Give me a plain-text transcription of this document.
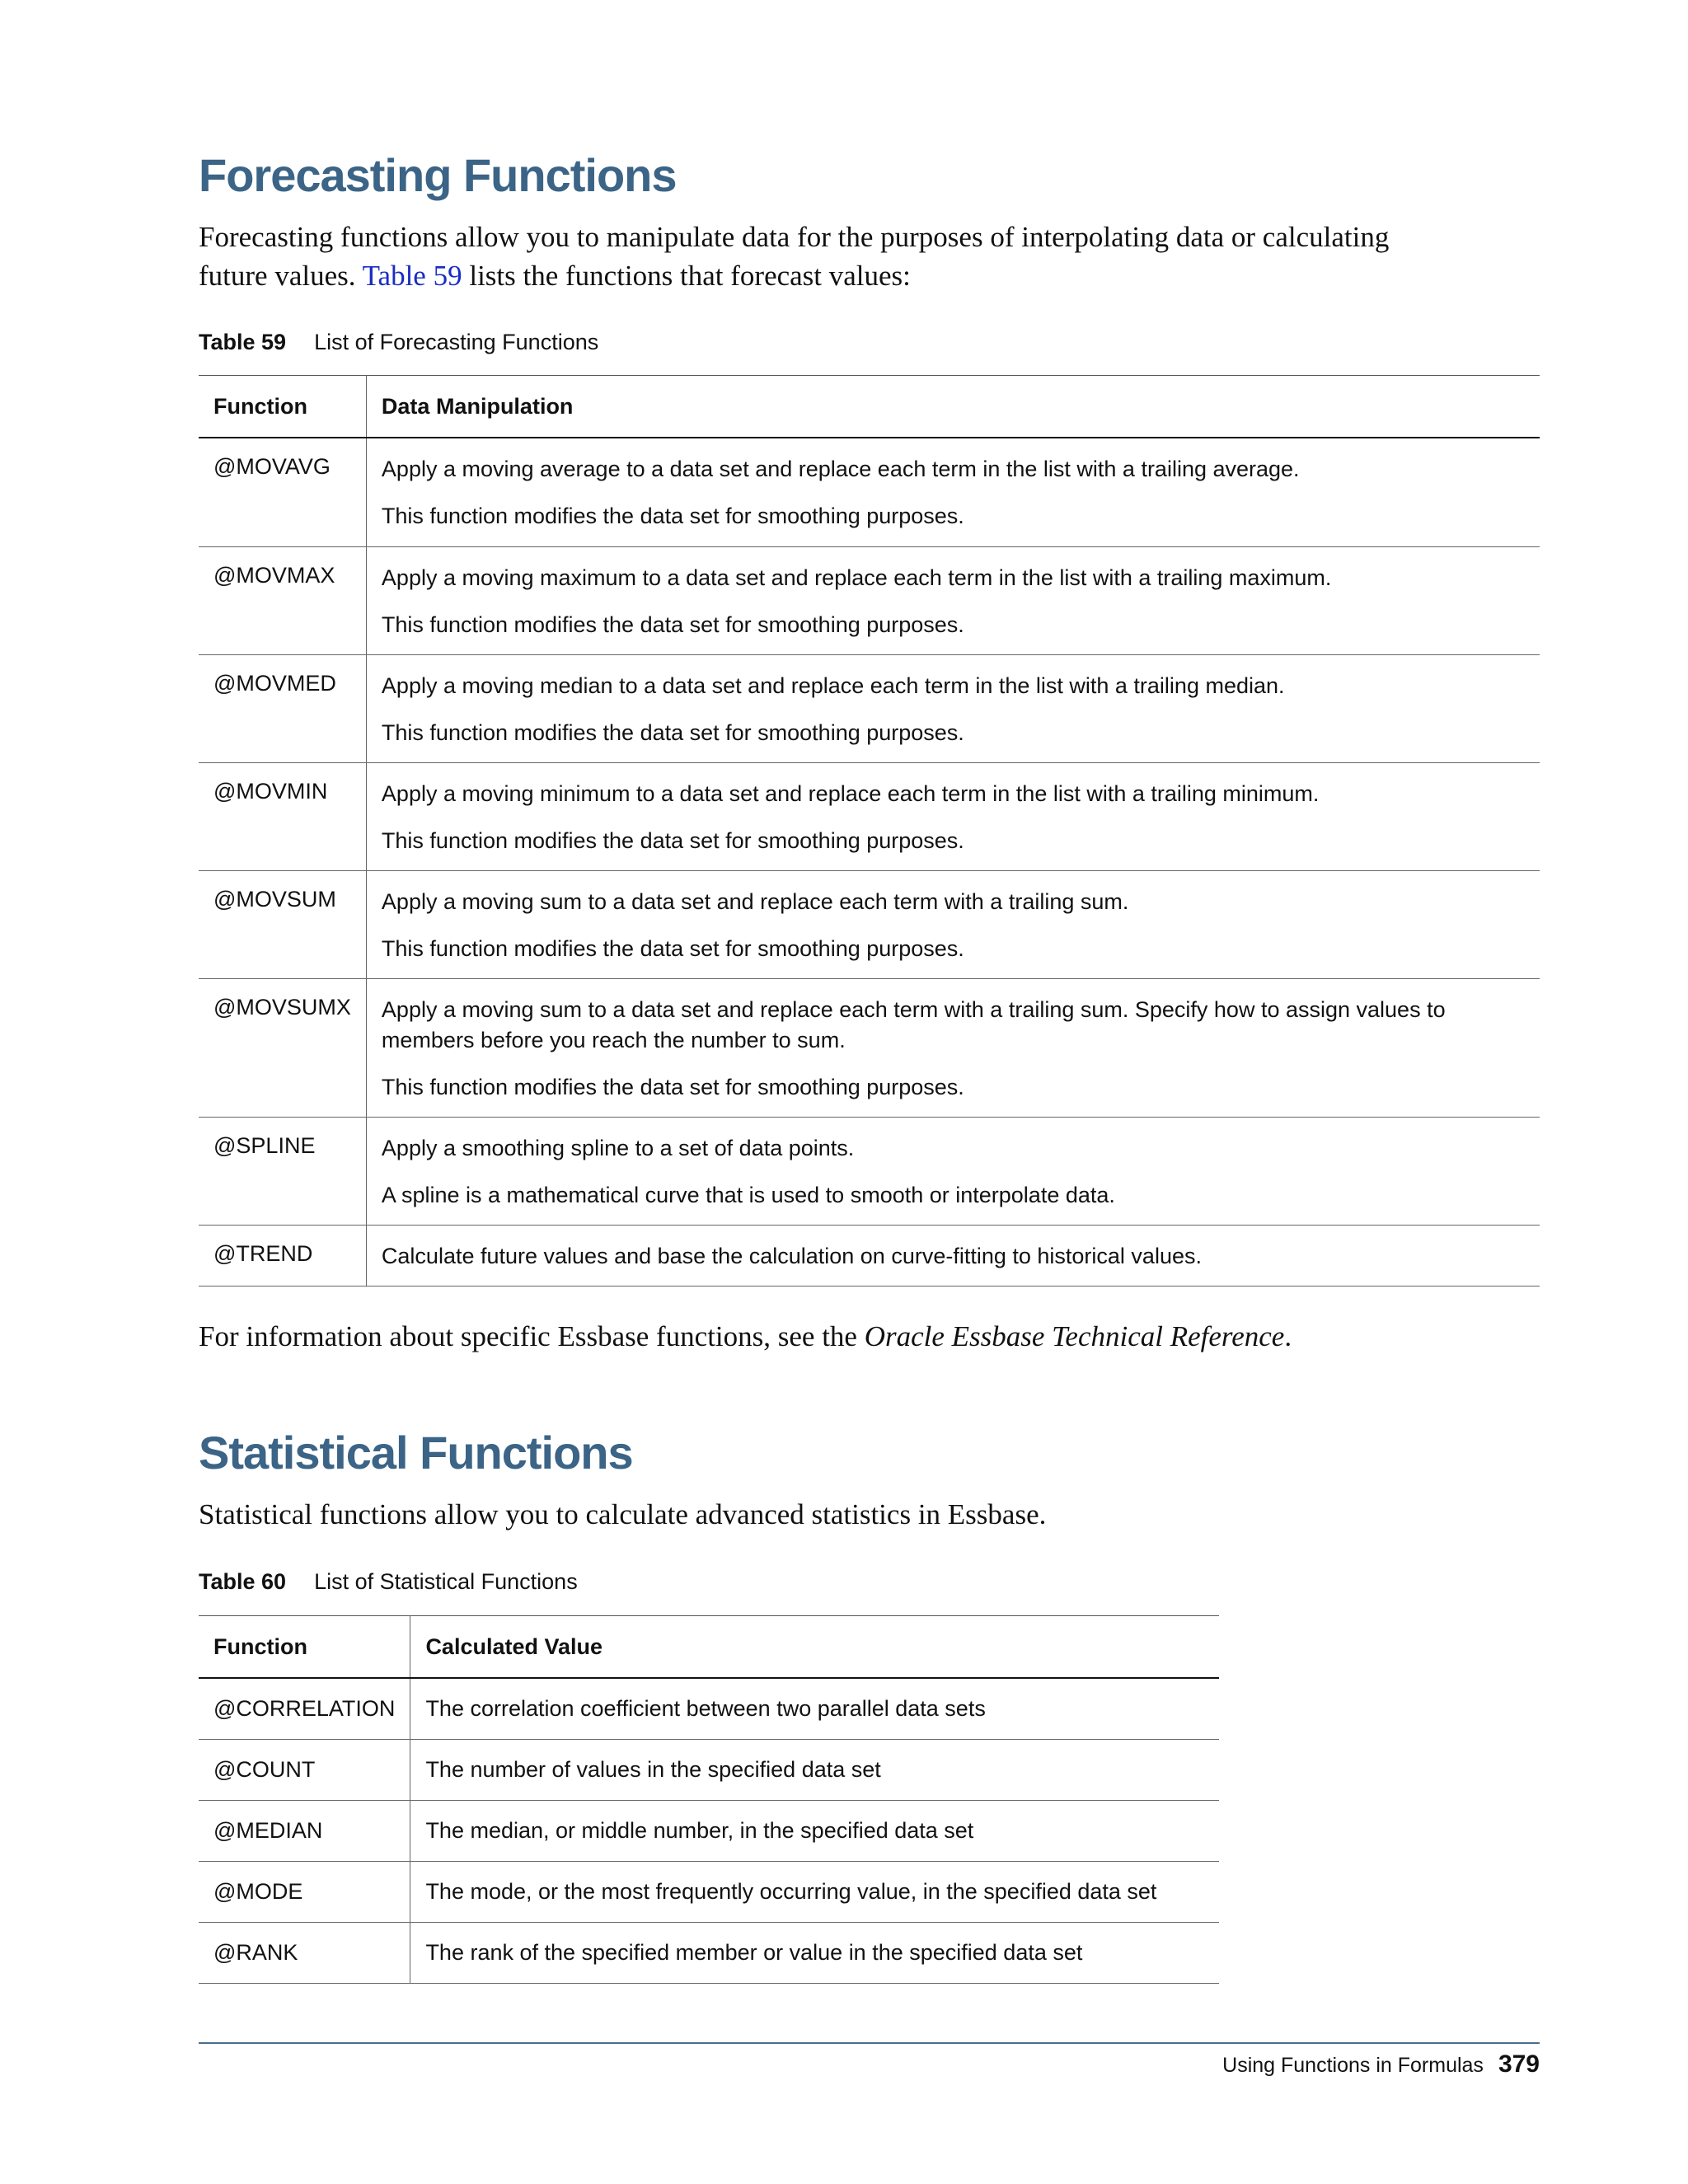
Forecasting Functions

Forecasting functions allow you to manipulate data for the purposes of interpolating data or calculating future values. Table 59 lists the functions that forecast values:

Table 59 List of Forecasting Functions

Function	Data Manipulation
@MOVAVG	Apply a moving average to a data set and replace each term in the list with a trailing average.

This function modifies the data set for smoothing purposes.

@MOVMAX	Apply a moving maximum to a data set and replace each term in the list with a trailing maximum.

This function modifies the data set for smoothing purposes.

@MOVMED	Apply a moving median to a data set and replace each term in the list with a trailing median.

This function modifies the data set for smoothing purposes.

@MOVMIN	Apply a moving minimum to a data set and replace each term in the list with a trailing minimum.

This function modifies the data set for smoothing purposes.

@MOVSUM	Apply a moving sum to a data set and replace each term with a trailing sum.

This function modifies the data set for smoothing purposes.

@MOVSUMX	Apply a moving sum to a data set and replace each term with a trailing sum. Specify how to assign values to members before you reach the number to sum.

This function modifies the data set for smoothing purposes.

@SPLINE	Apply a smoothing spline to a set of data points.

A spline is a mathematical curve that is used to smooth or interpolate data.

@TREND	Calculate future values and base the calculation on curve-fitting to historical values.

For information about specific Essbase functions, see the Oracle Essbase Technical Reference.

Statistical Functions

Statistical functions allow you to calculate advanced statistics in Essbase.

Table 60 List of Statistical Functions

Function	Calculated Value
@CORRELATION	The correlation coefficient between two parallel data sets
@COUNT	The number of values in the specified data set
@MEDIAN	The median, or middle number, in the specified data set
@MODE	The mode, or the most frequently occurring value, in the specified data set
@RANK	The rank of the specified member or value in the specified data set
Using Functions in Formulas 379
